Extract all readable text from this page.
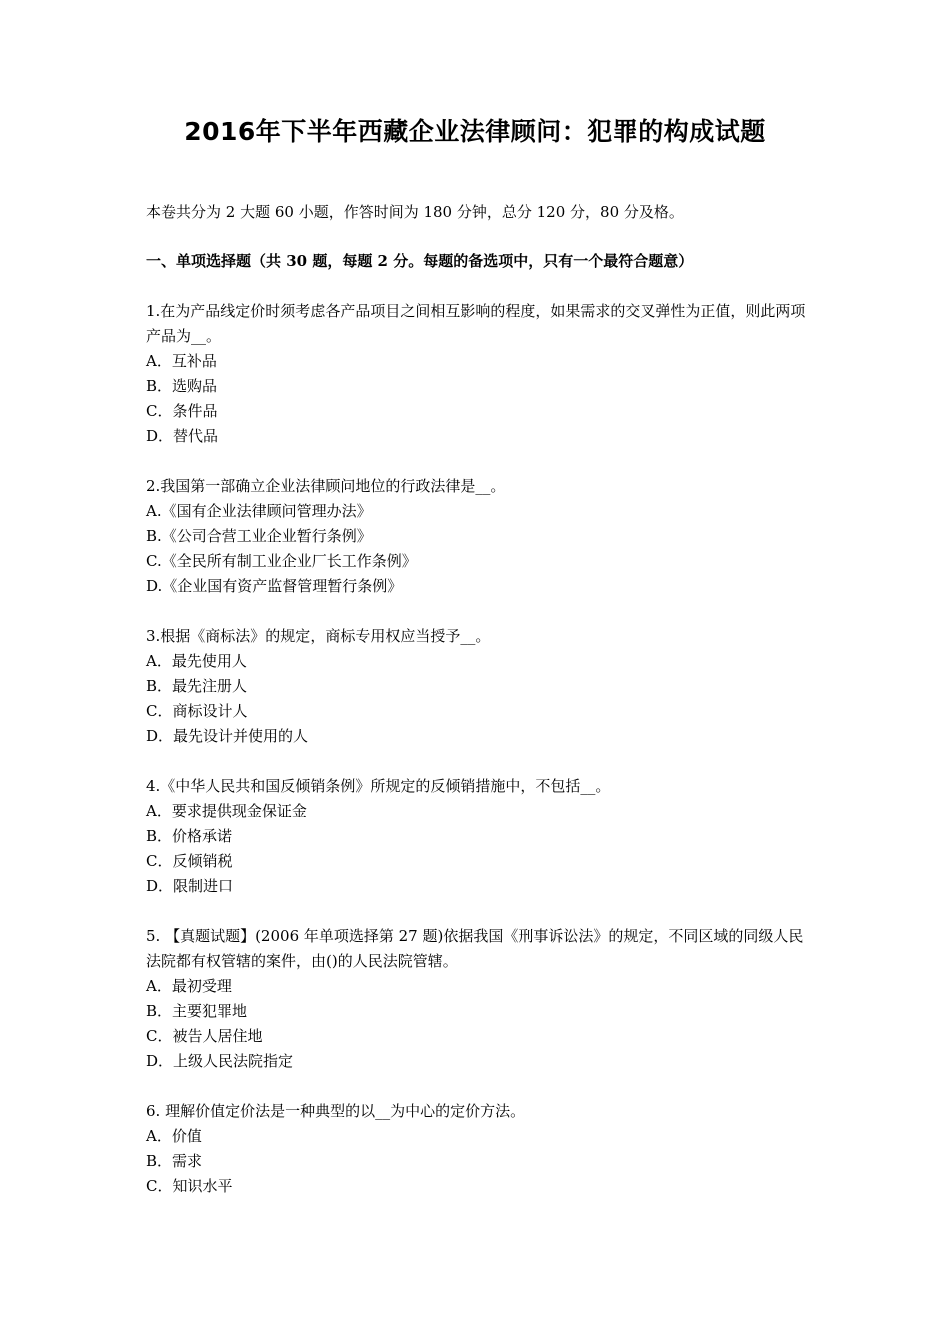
2016年下半年西藏企业法律顾问：犯罪的构成试题
本卷共分为 2 大题 60 小题，作答时间为 180 分钟，总分 120 分，80 分及格。
一、单项选择题（共 30 题，每题 2 分。每题的备选项中，只有一个最符合题意）

1.在为产品线定价时须考虑各产品项目之间相互影响的程度，如果需求的交叉弹性为正值，则此两项产品为__。

A．互补品

B．选购品

C．条件品

D．替代品

2.我国第一部确立企业法律顾问地位的行政法律是__。

A.《国有企业法律顾问管理办法》

B.《公司合营工业企业暂行条例》

C.《全民所有制工业企业厂长工作条例》

D.《企业国有资产监督管理暂行条例》

3.根据《商标法》的规定，商标专用权应当授予__。

A．最先使用人

B．最先注册人

C．商标设计人

D．最先设计并使用的人

4.《中华人民共和国反倾销条例》所规定的反倾销措施中，不包括__。

A．要求提供现金保证金

B．价格承诺

C．反倾销税

D．限制进口

5. 【真题试题】(2006 年单项选择第 27 题)依据我国《刑事诉讼法》的规定，不同区域的同级人民法院都有权管辖的案件，由()的人民法院管辖。

A．最初受理

B．主要犯罪地

C．被告人居住地

D．上级人民法院指定

6. 理解价值定价法是一种典型的以__为中心的定价方法。

A．价值

B．需求

C．知识水平
